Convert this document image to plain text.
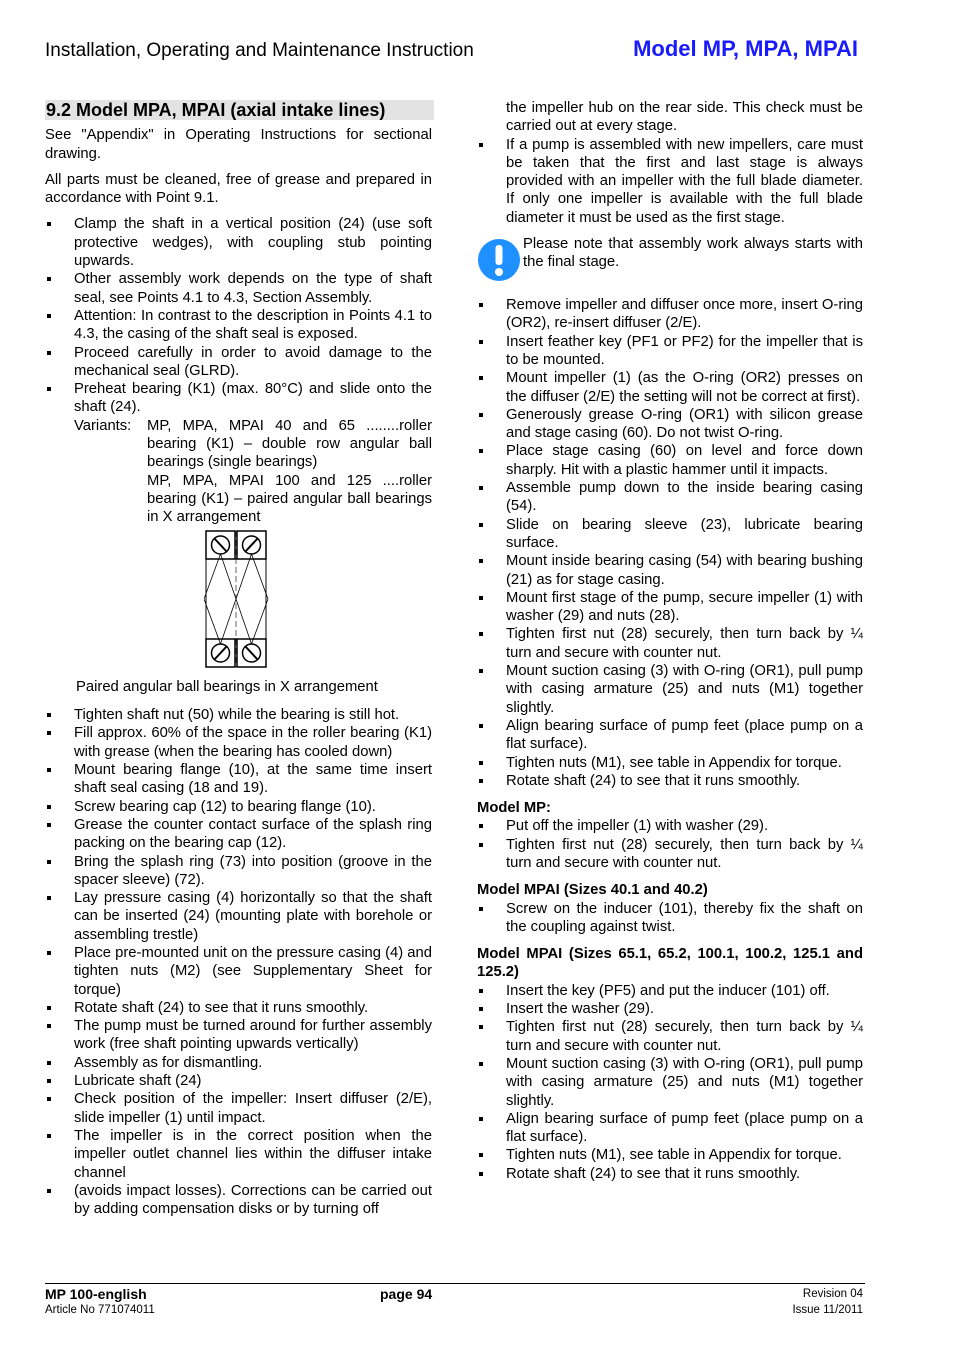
Installation, Operating and Maintenance Instruction	Model MP, MPA, MPAI
9.2 Model MPA, MPAI (axial intake lines)

See "Appendix" in Operating Instructions for sectional drawing.

All parts must be cleaned, free of grease and prepared in accordance with Point 9.1.

Clamp the shaft in a vertical position (24) (use soft protective wedges), with coupling stub pointing upwards.
Other assembly work depends on the type of shaft seal, see Points 4.1 to 4.3, Section Assembly.
Attention: In contrast to the description in Points 4.1 to 4.3, the casing of the shaft seal is exposed.
Proceed carefully in order to avoid damage to the mechanical seal (GLRD).
Preheat bearing (K1) (max. 80°C) and slide onto the shaft (24).
Variants:	MP, MPA, MPAI 40 and 65 ........roller bearing (K1) – double row angular ball bearings (single bearings)
MP, MPA, MPAI 100 and 125 ....roller bearing (K1) – paired angular ball bearings in X arrangement
Paired angular ball bearings in X arrangement
Tighten shaft nut (50) while the bearing is still hot.
Fill approx. 60% of the space in the roller bearing (K1) with grease (when the bearing has cooled down)
Mount bearing flange (10), at the same time insert shaft seal casing (18 and 19).
Screw bearing cap (12) to bearing flange (10).
Grease the counter contact surface of the splash ring packing on the bearing cap (12).
Bring the splash ring (73) into position (groove in the spacer sleeve) (72).
Lay pressure casing (4) horizontally so that the shaft can be inserted (24) (mounting plate with borehole or assembling trestle)
Place pre-mounted unit on the pressure casing (4) and tighten nuts (M2) (see Supplementary Sheet for torque)
Rotate shaft (24) to see that it runs smoothly.
The pump must be turned around for further assembly work (free shaft pointing upwards vertically)
Assembly as for dismantling.
Lubricate shaft (24)
Check position of the impeller: Insert diffuser (2/E), slide impeller (1) until impact.
The impeller is in the correct position when the impeller outlet channel lies within the diffuser intake channel
(avoids impact losses). Corrections can be carried out by adding compensation disks or by turning off
the impeller hub on the rear side. This check must be carried out at every stage.
If a pump is assembled with new impellers, care must be taken that the first and last stage is always provided with an impeller with the full blade diameter. If only one impeller is available with the full blade diameter it must be used as the first stage.
Please note that assembly work always starts with the final stage.
Remove impeller and diffuser once more, insert O-ring (OR2), re-insert diffuser (2/E).
Insert feather key (PF1 or PF2) for the impeller that is to be mounted.
Mount impeller (1) (as the O-ring (OR2) presses on the diffuser (2/E) the setting will not be correct at first).
Generously grease O-ring (OR1) with silicon grease and stage casing (60). Do not twist O-ring.
Place stage casing (60) on level and force down sharply. Hit with a plastic hammer until it impacts.
Assemble pump down to the inside bearing casing (54).
Slide on bearing sleeve (23), lubricate bearing surface.
Mount inside bearing casing (54) with bearing bushing (21) as for stage casing.
Mount first stage of the pump, secure impeller (1) with washer (29) and nuts (28).
Tighten first nut (28) securely, then turn back by ¼ turn and secure with counter nut.
Mount suction casing (3) with O-ring (OR1), pull pump with casing armature (25) and nuts (M1) together slightly.
Align bearing surface of pump feet (place pump on a flat surface).
Tighten nuts (M1), see table in Appendix for torque.
Rotate shaft (24) to see that it runs smoothly.
Model MP:
Put off the impeller (1) with washer (29).
Tighten first nut (28) securely, then turn back by ¼ turn and secure with counter nut.
Model MPAI (Sizes 40.1 and 40.2)
Screw on the inducer (101), thereby fix the shaft on the coupling against twist.
Model MPAI (Sizes 65.1, 65.2, 100.1, 100.2, 125.1 and 125.2)
Insert the key (PF5) and put the inducer (101) off.
Insert the washer (29).
Tighten first nut (28) securely, then turn back by ¼ turn and secure with counter nut.
Mount suction casing (3) with O-ring (OR1), pull pump with casing armature (25) and nuts (M1) together slightly.
Align bearing surface of pump feet (place pump on a flat surface).
Tighten nuts (M1), see table in Appendix for torque.
Rotate shaft (24) to see that it runs smoothly.
MP 100-english
Article No 771074011
page 94	Revision 04
Issue 11/2011
